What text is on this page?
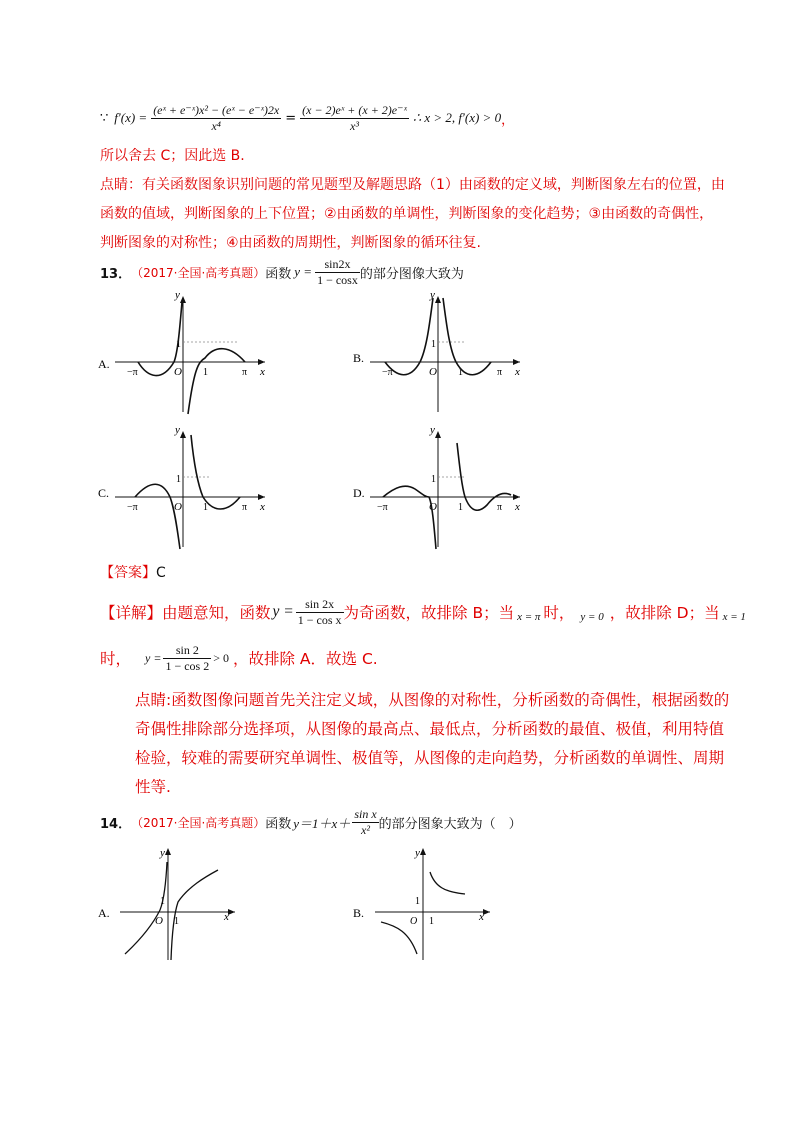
∵ $f'(x) = \frac{\text{(eˣ + e⁻ˣ)x² − (eˣ − e⁻ˣ)2x}}{\text{x⁴}} = \frac{\text{(x − 2)eˣ + (x + 2)e⁻ˣ}}{\text{x³}}$ ∴ x > 2, f′(x) > 0 ，
所以舍去 C；因此选 B.
点睛：有关函数图象识别问题的常见题型及解题思路（1）由函数的定义域，判断图象左右的位置，由函数的值域，判断图象的上下位置；②由函数的单调性，判断图象的变化趋势；③由函数的奇偶性，判断图象的对称性；④由函数的周期性，判断图象的循环往复.
13． （2017·全国·高考真题） 函数 $y = \frac{\sin 2x}{1 - \cos x}$ 的部分图像大致为
y
x
1
O 1
−π	π
A.
y
x
1
O 1
−π	π
B.
y
x
1
O 1
−π	π
C.
y
x
1
O 1
−π	π
D.
【答案】C
【详解】 由题意知，函数 $y = \frac{\sin 2x}{\text{1 − cos x}}$ 为奇函数，故排除 B；当 x = π 时， y = 0 ，故排除 D；当 x = 1
时， $y = \frac{\sin 2}{1 - \cos 2} > 0$ ，故排除 A．故选 C.
点睛:函数图像问题首先关注定义域，从图像的对称性，分析函数的奇偶性，根据函数的奇偶性排除部分选择项，从图像的最高点、最低点，分析函数的最值、极值，利用特值检验，较难的需要研究单调性、极值等，从图像的走向趋势，分析函数的单调性、周期性等.
14． （2017·全国·高考真题） 函数 $y=1+x+ \frac{\text{sin x}}{\text{x²}}$ 的部分图象大致为（　）
y
x
1
O 1
A.
y
x
1
O 1
B.
